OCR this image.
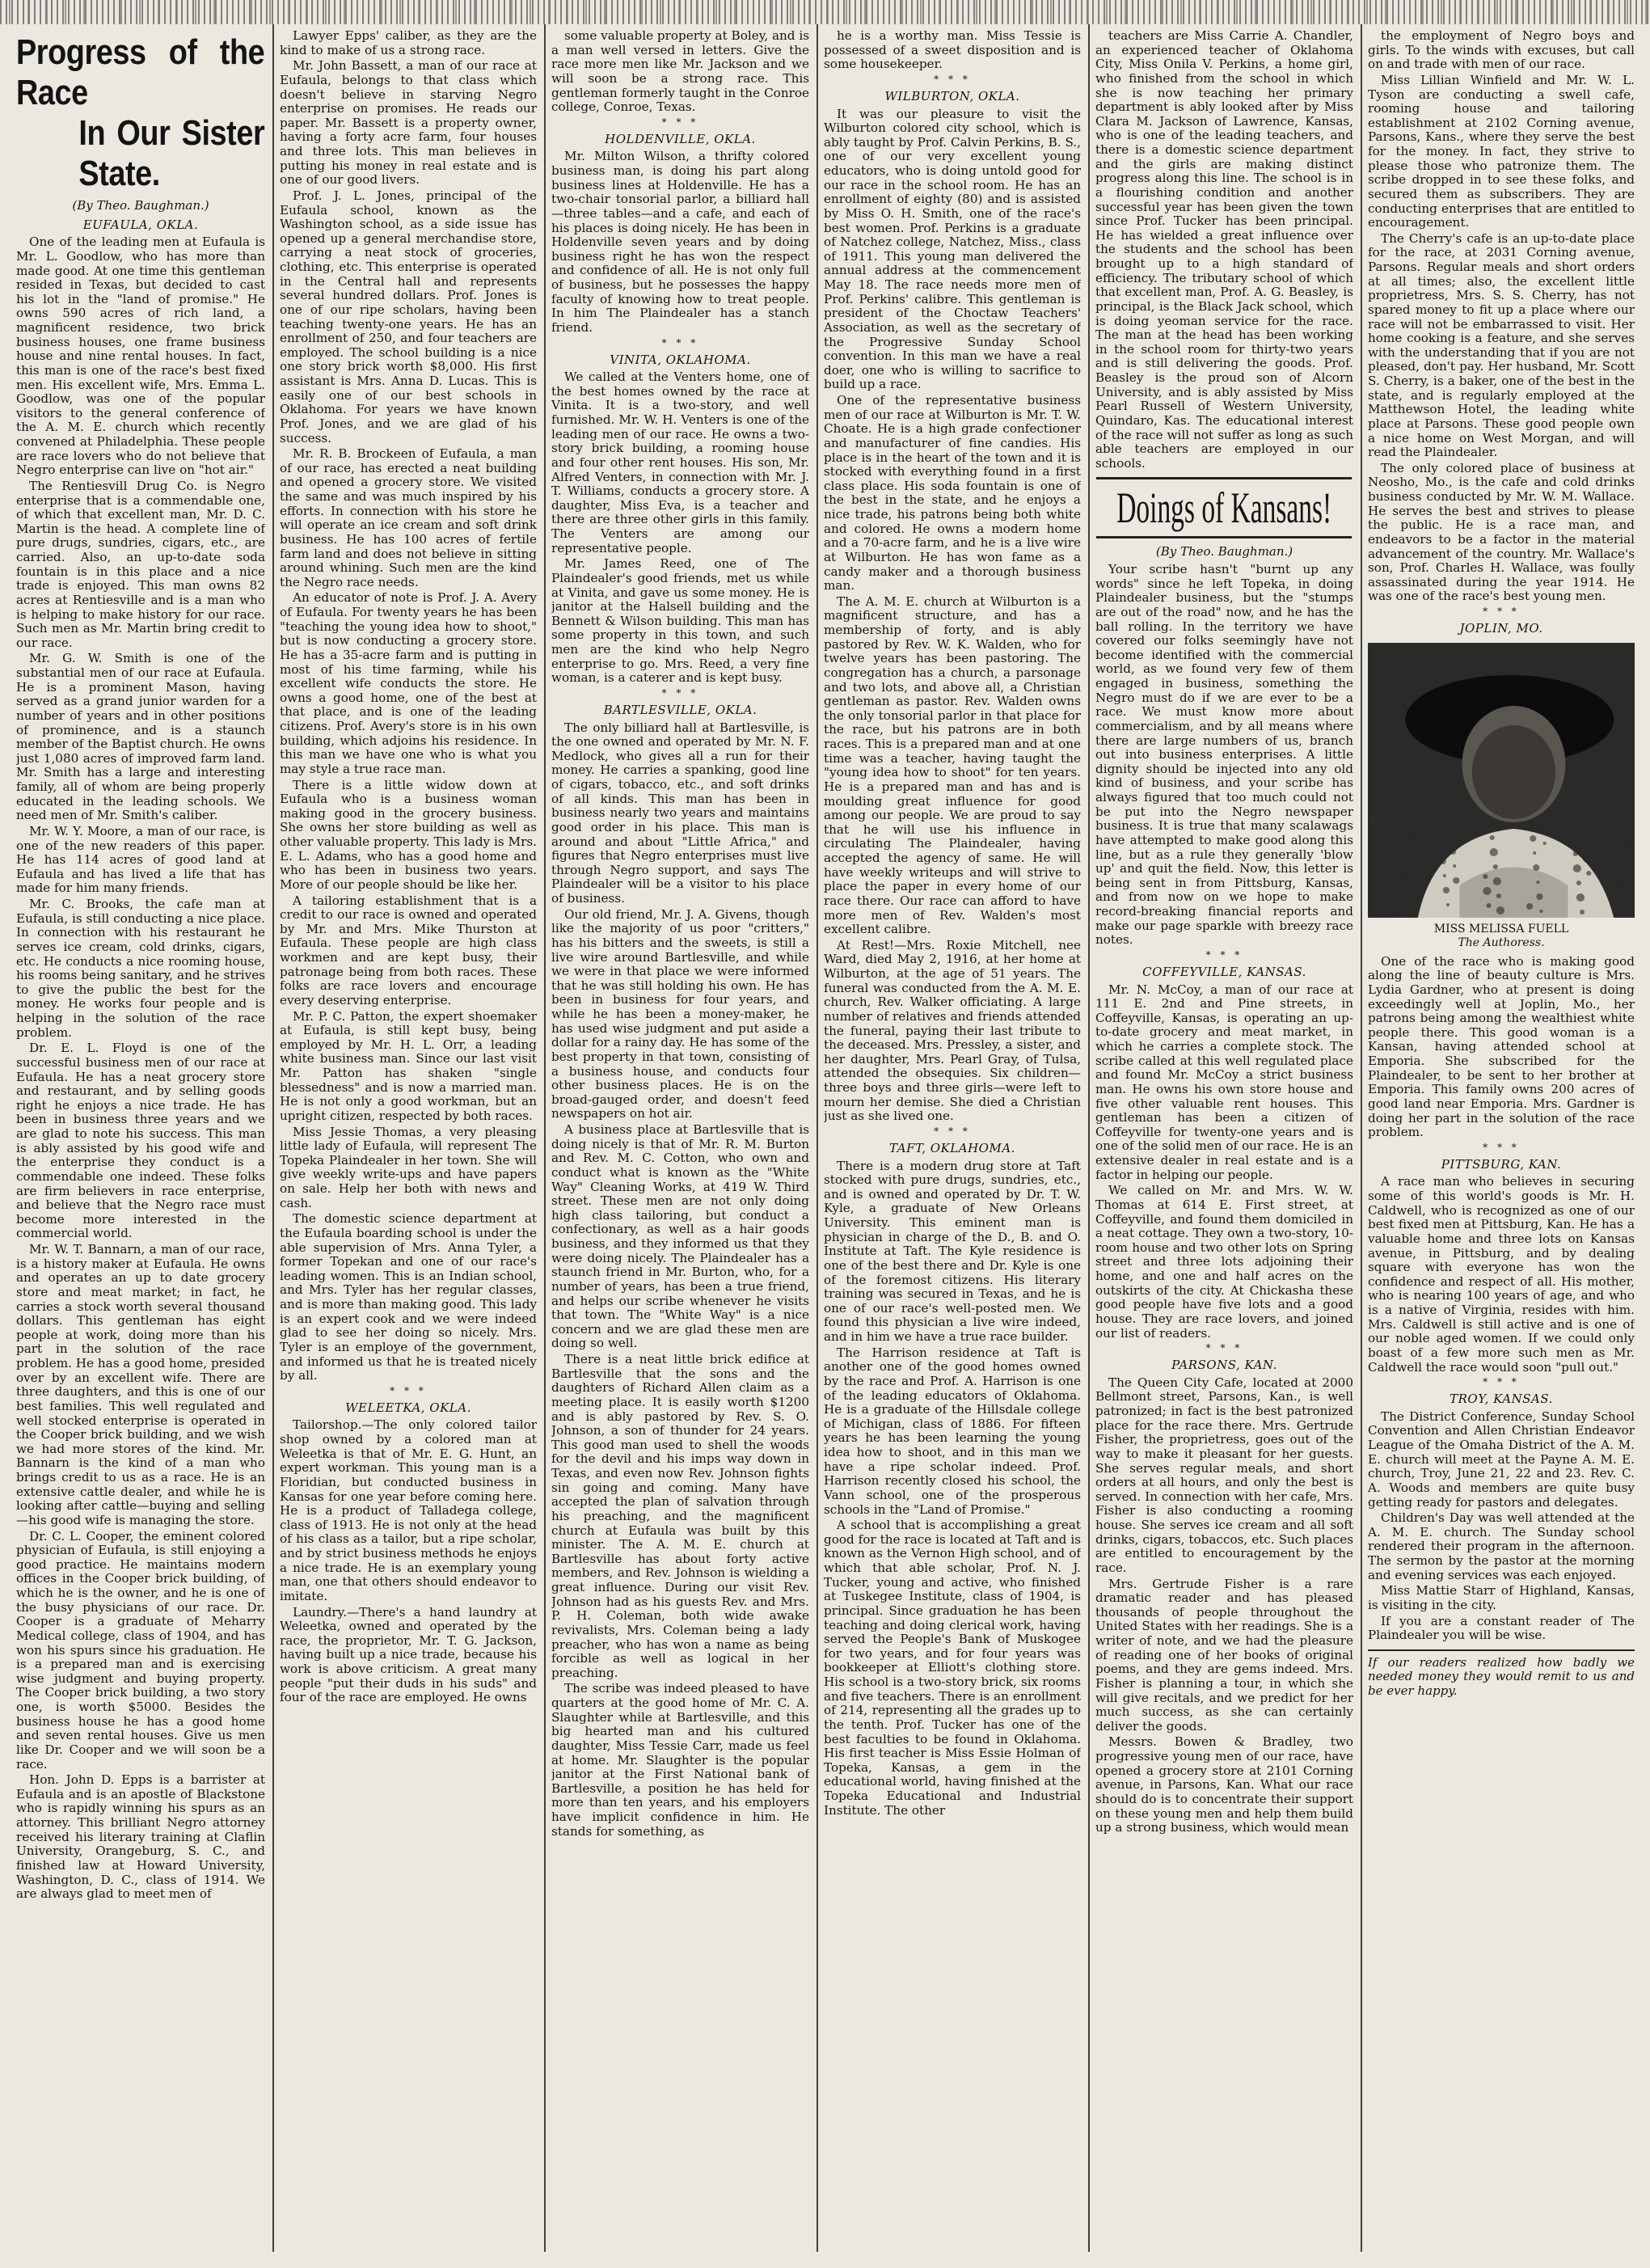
Progress of the Race
In Our Sister State.
(By Theo. Baughman.)
EUFAULA, OKLA.

One of the leading men at Eufaula is Mr. L. Goodlow, who has more than made good. At one time this gentleman resided in Texas, but decided to cast his lot in the "land of promise." He owns 590 acres of rich land, a magnificent residence, two brick business houses, one frame business house and nine rental houses. In fact, this man is one of the race's best fixed men. His excellent wife, Mrs. Emma L. Goodlow, was one of the popular visitors to the general conference of the A. M. E. church which recently convened at Philadelphia. These people are race lovers who do not believe that Negro enterprise can live on "hot air."

The Rentiesvill Drug Co. is Negro enterprise that is a commendable one, of which that excellent man, Mr. D. C. Martin is the head. A complete line of pure drugs, sundries, cigars, etc., are carried. Also, an up-to-date soda fountain is in this place and a nice trade is enjoyed. This man owns 82 acres at Rentiesville and is a man who is helping to make history for our race. Such men as Mr. Martin bring credit to our race.

Mr. G. W. Smith is one of the substantial men of our race at Eufaula. He is a prominent Mason, having served as a grand junior warden for a number of years and in other positions of prominence, and is a staunch member of the Baptist church. He owns just 1,080 acres of improved farm land. Mr. Smith has a large and interesting family, all of whom are being properly educated in the leading schools. We need men of Mr. Smith's caliber.

Mr. W. Y. Moore, a man of our race, is one of the new readers of this paper. He has 114 acres of good land at Eufaula and has lived a life that has made for him many friends.

Mr. C. Brooks, the cafe man at Eufaula, is still conducting a nice place. In connection with his restaurant he serves ice cream, cold drinks, cigars, etc. He conducts a nice rooming house, his rooms being sanitary, and he strives to give the public the best for the money. He works four people and is helping in the solution of the race problem.

Dr. E. L. Floyd is one of the successful business men of our race at Eufaula. He has a neat grocery store and restaurant, and by selling goods right he enjoys a nice trade. He has been in business three years and we are glad to note his success. This man is ably assisted by his good wife and the enterprise they conduct is a commendable one indeed. These folks are firm believers in race enterprise, and believe that the Negro race must become more interested in the commercial world.

Mr. W. T. Bannarn, a man of our race, is a history maker at Eufaula. He owns and operates an up to date grocery store and meat market; in fact, he carries a stock worth several thousand dollars. This gentleman has eight people at work, doing more than his part in the solution of the race problem. He has a good home, presided over by an excellent wife. There are three daughters, and this is one of our best families. This well regulated and well stocked enterprise is operated in the Cooper brick building, and we wish we had more stores of the kind. Mr. Bannarn is the kind of a man who brings credit to us as a race. He is an extensive cattle dealer, and while he is looking after cattle—buying and selling—his good wife is managing the store.

Dr. C. L. Cooper, the eminent colored physician of Eufaula, is still enjoying a good practice. He maintains modern offices in the Cooper brick building, of which he is the owner, and he is one of the busy physicians of our race. Dr. Cooper is a graduate of Meharry Medical college, class of 1904, and has won his spurs since his graduation. He is a prepared man and is exercising wise judgment and buying property. The Cooper brick building, a two story one, is worth $5000. Besides the business house he has a good home and seven rental houses. Give us men like Dr. Cooper and we will soon be a race.

Hon. John D. Epps is a barrister at Eufaula and is an apostle of Blackstone who is rapidly winning his spurs as an attorney. This brilliant Negro attorney received his literary training at Claflin University, Orangeburg, S. C., and finished law at Howard University, Washington, D. C., class of 1914. We are always glad to meet men of

Lawyer Epps' caliber, as they are the kind to make of us a strong race.

Mr. John Bassett, a man of our race at Eufaula, belongs to that class which doesn't believe in starving Negro enterprise on promises. He reads our paper. Mr. Bassett is a property owner, having a forty acre farm, four houses and three lots. This man believes in putting his money in real estate and is one of our good livers.

Prof. J. L. Jones, principal of the Eufaula school, known as the Washington school, as a side issue has opened up a general merchandise store, carrying a neat stock of groceries, clothing, etc. This enterprise is operated in the Central hall and represents several hundred dollars. Prof. Jones is one of our ripe scholars, having been teaching twenty-one years. He has an enrollment of 250, and four teachers are employed. The school building is a nice one story brick worth $8,000. His first assistant is Mrs. Anna D. Lucas. This is easily one of our best schools in Oklahoma. For years we have known Prof. Jones, and we are glad of his success.

Mr. R. B. Brockeen of Eufaula, a man of our race, has erected a neat building and opened a grocery store. We visited the same and was much inspired by his efforts. In connection with his store he will operate an ice cream and soft drink business. He has 100 acres of fertile farm land and does not believe in sitting around whining. Such men are the kind the Negro race needs.

An educator of note is Prof. J. A. Avery of Eufaula. For twenty years he has been "teaching the young idea how to shoot," but is now conducting a grocery store. He has a 35-acre farm and is putting in most of his time farming, while his excellent wife conducts the store. He owns a good home, one of the best at that place, and is one of the leading citizens. Prof. Avery's store is in his own building, which adjoins his residence. In this man we have one who is what you may style a true race man.

There is a little widow down at Eufaula who is a business woman making good in the grocery business. She owns her store building as well as other valuable property. This lady is Mrs. E. L. Adams, who has a good home and who has been in business two years. More of our people should be like her.

A tailoring establishment that is a credit to our race is owned and operated by Mr. and Mrs. Mike Thurston at Eufaula. These people are high class workmen and are kept busy, their patronage being from both races. These folks are race lovers and encourage every deserving enterprise.

Mr. P. C. Patton, the expert shoemaker at Eufaula, is still kept busy, being employed by Mr. H. L. Orr, a leading white business man. Since our last visit Mr. Patton has shaken "single blessedness" and is now a married man. He is not only a good workman, but an upright citizen, respected by both races.

Miss Jessie Thomas, a very pleasing little lady of Eufaula, will represent The Topeka Plaindealer in her town. She will give weekly write-ups and have papers on sale. Help her both with news and cash.

The domestic science department at the Eufaula boarding school is under the able supervision of Mrs. Anna Tyler, a former Topekan and one of our race's leading women. This is an Indian school, and Mrs. Tyler has her regular classes, and is more than making good. This lady is an expert cook and we were indeed glad to see her doing so nicely. Mrs. Tyler is an employe of the government, and informed us that he is treated nicely by all.

* * *
WELEETKA, OKLA.

Tailorshop.—The only colored tailor shop owned by a colored man at Weleetka is that of Mr. E. G. Hunt, an expert workman. This young man is a Floridian, but conducted business in Kansas for one year before coming here. He is a product of Talladega college, class of 1913. He is not only at the head of his class as a tailor, but a ripe scholar, and by strict business methods he enjoys a nice trade. He is an exemplary young man, one that others should endeavor to imitate.

Laundry.—There's a hand laundry at Weleetka, owned and operated by the race, the proprietor, Mr. T. G. Jackson, having built up a nice trade, because his work is above criticism. A great many people "put their duds in his suds" and four of the race are employed. He owns

some valuable property at Boley, and is a man well versed in letters. Give the race more men like Mr. Jackson and we will soon be a strong race. This gentleman formerly taught in the Conroe college, Conroe, Texas.

* * *
HOLDENVILLE, OKLA.

Mr. Milton Wilson, a thrifty colored business man, is doing his part along business lines at Holdenville. He has a two-chair tonsorial parlor, a billiard hall—three tables—and a cafe, and each of his places is doing nicely. He has been in Holdenville seven years and by doing business right he has won the respect and confidence of all. He is not only full of business, but he possesses the happy faculty of knowing how to treat people. In him The Plaindealer has a stanch friend.

* * *
VINITA, OKLAHOMA.

We called at the Venters home, one of the best homes owned by the race at Vinita. It is a two-story, and well furnished. Mr. W. H. Venters is one of the leading men of our race. He owns a two-story brick building, a rooming house and four other rent houses. His son, Mr. Alfred Venters, in connection with Mr. J. T. Williams, conducts a grocery store. A daughter, Miss Eva, is a teacher and there are three other girls in this family. The Venters are among our representative people.

Mr. James Reed, one of The Plaindealer's good friends, met us while at Vinita, and gave us some money. He is janitor at the Halsell building and the Bennett & Wilson building. This man has some property in this town, and such men are the kind who help Negro enterprise to go. Mrs. Reed, a very fine woman, is a caterer and is kept busy.

* * *
BARTLESVILLE, OKLA.

The only billiard hall at Bartlesville, is the one owned and operated by Mr. N. F. Medlock, who gives all a run for their money. He carries a spanking, good line of cigars, tobacco, etc., and soft drinks of all kinds. This man has been in business nearly two years and maintains good order in his place. This man is around and about "Little Africa," and figures that Negro enterprises must live through Negro support, and says The Plaindealer will be a visitor to his place of business.

Our old friend, Mr. J. A. Givens, though like the majority of us poor "critters," has his bitters and the sweets, is still a live wire around Bartlesville, and while we were in that place we were informed that he was still holding his own. He has been in business for four years, and while he has been a money-maker, he has used wise judgment and put aside a dollar for a rainy day. He has some of the best property in that town, consisting of a business house, and conducts four other business places. He is on the broad-gauged order, and doesn't feed newspapers on hot air.

A business place at Bartlesville that is doing nicely is that of Mr. R. M. Burton and Rev. M. C. Cotton, who own and conduct what is known as the "White Way" Cleaning Works, at 419 W. Third street. These men are not only doing high class tailoring, but conduct a confectionary, as well as a hair goods business, and they informed us that they were doing nicely. The Plaindealer has a staunch friend in Mr. Burton, who, for a number of years, has been a true friend, and helps our scribe whenever he visits that town. The "White Way" is a nice concern and we are glad these men are doing so well.

There is a neat little brick edifice at Bartlesville that the sons and the daughters of Richard Allen claim as a meeting place. It is easily worth $1200 and is ably pastored by Rev. S. O. Johnson, a son of thunder for 24 years. This good man used to shell the woods for the devil and his imps way down in Texas, and even now Rev. Johnson fights sin going and coming. Many have accepted the plan of salvation through his preaching, and the magnificent church at Eufaula was built by this minister. The A. M. E. church at Bartlesville has about forty active members, and Rev. Johnson is wielding a great influence. During our visit Rev. Johnson had as his guests Rev. and Mrs. P. H. Coleman, both wide awake revivalists, Mrs. Coleman being a lady preacher, who has won a name as being forcible as well as logical in her preaching.

The scribe was indeed pleased to have quarters at the good home of Mr. C. A. Slaughter while at Bartlesville, and this big hearted man and his cultured daughter, Miss Tessie Carr, made us feel at home. Mr. Slaughter is the popular janitor at the First National bank of Bartlesville, a position he has held for more than ten years, and his employers have implicit confidence in him. He stands for something, as

he is a worthy man. Miss Tessie is possessed of a sweet disposition and is some housekeeper.

* * *
WILBURTON, OKLA.

It was our pleasure to visit the Wilburton colored city school, which is ably taught by Prof. Calvin Perkins, B. S., one of our very excellent young educators, who is doing untold good for our race in the school room. He has an enrollment of eighty (80) and is assisted by Miss O. H. Smith, one of the race's best women. Prof. Perkins is a graduate of Natchez college, Natchez, Miss., class of 1911. This young man delivered the annual address at the commencement May 18. The race needs more men of Prof. Perkins' calibre. This gentleman is president of the Choctaw Teachers' Association, as well as the secretary of the Progressive Sunday School convention. In this man we have a real doer, one who is willing to sacrifice to build up a race.

One of the representative business men of our race at Wilburton is Mr. T. W. Choate. He is a high grade confectioner and manufacturer of fine candies. His place is in the heart of the town and it is stocked with everything found in a first class place. His soda fountain is one of the best in the state, and he enjoys a nice trade, his patrons being both white and colored. He owns a modern home and a 70-acre farm, and he is a live wire at Wilburton. He has won fame as a candy maker and a thorough business man.

The A. M. E. church at Wilburton is a magnificent structure, and has a membership of forty, and is ably pastored by Rev. W. K. Walden, who for twelve years has been pastoring. The congregation has a church, a parsonage and two lots, and above all, a Christian gentleman as pastor. Rev. Walden owns the only tonsorial parlor in that place for the race, but his patrons are in both races. This is a prepared man and at one time was a teacher, having taught the "young idea how to shoot" for ten years. He is a prepared man and has and is moulding great influence for good among our people. We are proud to say that he will use his influence in circulating The Plaindealer, having accepted the agency of same. He will have weekly writeups and will strive to place the paper in every home of our race there. Our race can afford to have more men of Rev. Walden's most excellent calibre.

At Rest!—Mrs. Roxie Mitchell, nee Ward, died May 2, 1916, at her home at Wilburton, at the age of 51 years. The funeral was conducted from the A. M. E. church, Rev. Walker officiating. A large number of relatives and friends attended the funeral, paying their last tribute to the deceased. Mrs. Pressley, a sister, and her daughter, Mrs. Pearl Gray, of Tulsa, attended the obsequies. Six children—three boys and three girls—were left to mourn her demise. She died a Christian just as she lived one.

* * *
TAFT, OKLAHOMA.

There is a modern drug store at Taft stocked with pure drugs, sundries, etc., and is owned and operated by Dr. T. W. Kyle, a graduate of New Orleans University. This eminent man is physician in charge of the D., B. and O. Institute at Taft. The Kyle residence is one of the best there and Dr. Kyle is one of the foremost citizens. His literary training was secured in Texas, and he is one of our race's well-posted men. We found this physician a live wire indeed, and in him we have a true race builder.

The Harrison residence at Taft is another one of the good homes owned by the race and Prof. A. Harrison is one of the leading educators of Oklahoma. He is a graduate of the Hillsdale college of Michigan, class of 1886. For fifteen years he has been learning the young idea how to shoot, and in this man we have a ripe scholar indeed. Prof. Harrison recently closed his school, the Vann school, one of the prosperous schools in the "Land of Promise."

A school that is accomplishing a great good for the race is located at Taft and is known as the Vernon High school, and of which that able scholar, Prof. N. J. Tucker, young and active, who finished at Tuskegee Institute, class of 1904, is principal. Since graduation he has been teaching and doing clerical work, having served the People's Bank of Muskogee for two years, and for four years was bookkeeper at Elliott's clothing store. His school is a two-story brick, six rooms and five teachers. There is an enrollment of 214, representing all the grades up to the tenth. Prof. Tucker has one of the best faculties to be found in Oklahoma. His first teacher is Miss Essie Holman of Topeka, Kansas, a gem in the educational world, having finished at the Topeka Educational and Industrial Institute. The other

teachers are Miss Carrie A. Chandler, an experienced teacher of Oklahoma City, Miss Onila V. Perkins, a home girl, who finished from the school in which she is now teaching her primary department is ably looked after by Miss Clara M. Jackson of Lawrence, Kansas, who is one of the leading teachers, and there is a domestic science department and the girls are making distinct progress along this line. The school is in a flourishing condition and another successful year has been given the town since Prof. Tucker has been principal. He has wielded a great influence over the students and the school has been brought up to a high standard of efficiency. The tributary school of which that excellent man, Prof. A. G. Beasley, is principal, is the Black Jack school, which is doing yeoman service for the race. The man at the head has been working in the school room for thirty-two years and is still delivering the goods. Prof. Beasley is the proud son of Alcorn University, and is ably assisted by Miss Pearl Russell of Western University, Quindaro, Kas. The educational interest of the race will not suffer as long as such able teachers are employed in our schools.

Doings of Kansans!
(By Theo. Baughman.)

Your scribe hasn't "burnt up any words" since he left Topeka, in doing Plaindealer business, but the "stumps are out of the road" now, and he has the ball rolling. In the territory we have covered our folks seemingly have not become identified with the commercial world, as we found very few of them engaged in business, something the Negro must do if we are ever to be a race. We must know more about commercialism, and by all means where there are large numbers of us, branch out into business enterprises. A little dignity should be injected into any old kind of business, and your scribe has always figured that too much could not be put into the Negro newspaper business. It is true that many scalawags have attempted to make good along this line, but as a rule they generally 'blow up' and quit the field. Now, this letter is being sent in from Pittsburg, Kansas, and from now on we hope to make record-breaking financial reports and make our page sparkle with breezy race notes.

* * *
COFFEYVILLE, KANSAS.

Mr. N. McCoy, a man of our race at 111 E. 2nd and Pine streets, in Coffeyville, Kansas, is operating an up-to-date grocery and meat market, in which he carries a complete stock. The scribe called at this well regulated place and found Mr. McCoy a strict business man. He owns his own store house and five other valuable rent houses. This gentleman has been a citizen of Coffeyville for twenty-one years and is one of the solid men of our race. He is an extensive dealer in real estate and is a factor in helping our people.

We called on Mr. and Mrs. W. W. Thomas at 614 E. First street, at Coffeyville, and found them domiciled in a neat cottage. They own a two-story, 10-room house and two other lots on Spring street and three lots adjoining their home, and one and half acres on the outskirts of the city. At Chickasha these good people have five lots and a good house. They are race lovers, and joined our list of readers.

* * *
PARSONS, KAN.

The Queen City Cafe, located at 2000 Bellmont street, Parsons, Kan., is well patronized; in fact is the best patronized place for the race there. Mrs. Gertrude Fisher, the proprietress, goes out of the way to make it pleasant for her guests. She serves regular meals, and short orders at all hours, and only the best is served. In connection with her cafe, Mrs. Fisher is also conducting a rooming house. She serves ice cream and all soft drinks, cigars, tobaccos, etc. Such places are entitled to encouragement by the race.

Mrs. Gertrude Fisher is a rare dramatic reader and has pleased thousands of people throughout the United States with her readings. She is a writer of note, and we had the pleasure of reading one of her books of original poems, and they are gems indeed. Mrs. Fisher is planning a tour, in which she will give recitals, and we predict for her much success, as she can certainly deliver the goods.

Messrs. Bowen & Bradley, two progressive young men of our race, have opened a grocery store at 2101 Corning avenue, in Parsons, Kan. What our race should do is to concentrate their support on these young men and help them build up a strong business, which would mean

the employment of Negro boys and girls. To the winds with excuses, but call on and trade with men of our race.

Miss Lillian Winfield and Mr. W. L. Tyson are conducting a swell cafe, rooming house and tailoring establishment at 2102 Corning avenue, Parsons, Kans., where they serve the best for the money. In fact, they strive to please those who patronize them. The scribe dropped in to see these folks, and secured them as subscribers. They are conducting enterprises that are entitled to encouragement.

The Cherry's cafe is an up-to-date place for the race, at 2031 Corning avenue, Parsons. Regular meals and short orders at all times; also, the excellent little proprietress, Mrs. S. S. Cherry, has not spared money to fit up a place where our race will not be embarrassed to visit. Her home cooking is a feature, and she serves with the understanding that if you are not pleased, don't pay. Her husband, Mr. Scott S. Cherry, is a baker, one of the best in the state, and is regularly employed at the Matthewson Hotel, the leading white place at Parsons. These good people own a nice home on West Morgan, and will read the Plaindealer.

The only colored place of business at Neosho, Mo., is the cafe and cold drinks business conducted by Mr. W. M. Wallace. He serves the best and strives to please the public. He is a race man, and endeavors to be a factor in the material advancement of the country. Mr. Wallace's son, Prof. Charles H. Wallace, was foully assassinated during the year 1914. He was one of the race's best young men.

* * *
JOPLIN, MO.
MISS MELISSA FUELL
The Authoress.

One of the race who is making good along the line of beauty culture is Mrs. Lydia Gardner, who at present is doing exceedingly well at Joplin, Mo., her patrons being among the wealthiest white people there. This good woman is a Kansan, having attended school at Emporia. She subscribed for the Plaindealer, to be sent to her brother at Emporia. This family owns 200 acres of good land near Emporia. Mrs. Gardner is doing her part in the solution of the race problem.

* * *
PITTSBURG, KAN.

A race man who believes in securing some of this world's goods is Mr. H. Caldwell, who is recognized as one of our best fixed men at Pittsburg, Kan. He has a valuable home and three lots on Kansas avenue, in Pittsburg, and by dealing square with everyone has won the confidence and respect of all. His mother, who is nearing 100 years of age, and who is a native of Virginia, resides with him. Mrs. Caldwell is still active and is one of our noble aged women. If we could only boast of a few more such men as Mr. Caldwell the race would soon "pull out."

* * *
TROY, KANSAS.

The District Conference, Sunday School Convention and Allen Christian Endeavor League of the Omaha District of the A. M. E. church will meet at the Payne A. M. E. church, Troy, June 21, 22 and 23. Rev. C. A. Woods and members are quite busy getting ready for pastors and delegates.

Children's Day was well attended at the A. M. E. church. The Sunday school rendered their program in the afternoon. The sermon by the pastor at the morning and evening services was each enjoyed.

Miss Mattie Starr of Highland, Kansas, is visiting in the city.

If you are a constant reader of The Plaindealer you will be wise.

If our readers realized how badly we needed money they would remit to us and be ever happy.
